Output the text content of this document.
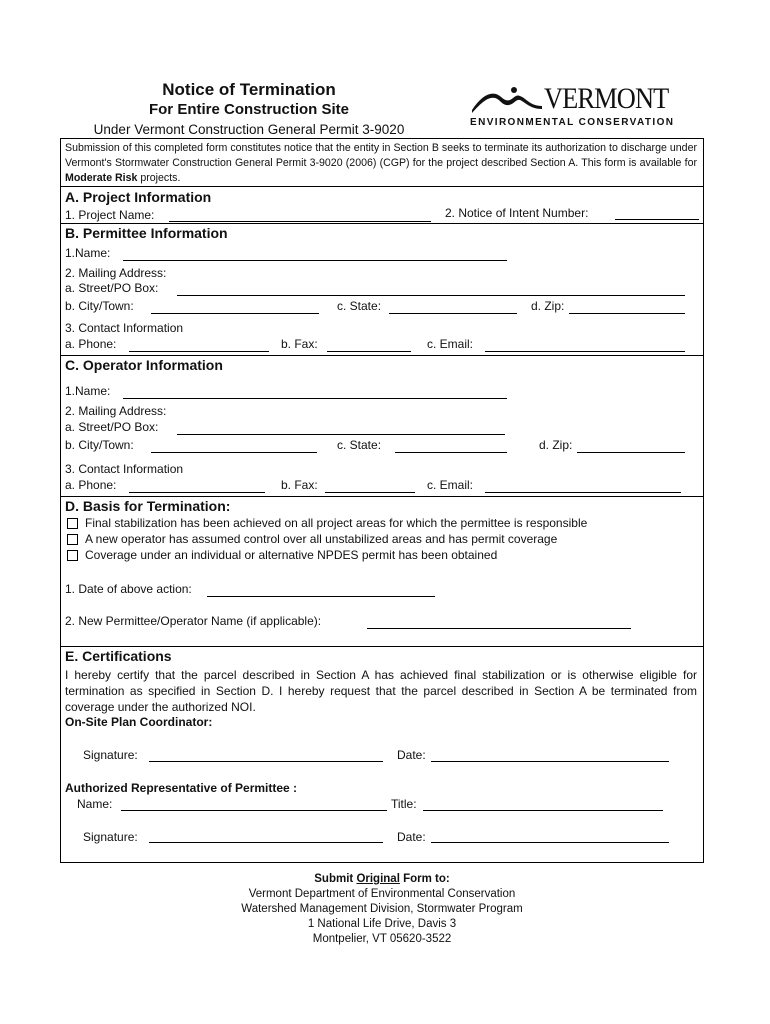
Notice of Termination
For Entire Construction Site
Under Vermont Construction General Permit 3-9020
VERMONT
ENVIRONMENTAL CONSERVATION
Submission of this completed form constitutes notice that the entity in Section B seeks to terminate its authorization to discharge under Vermont's Stormwater Construction General Permit 3-9020 (2006) (CGP) for the project described Section A. This form is available for Moderate Risk projects.
A. Project Information
1. Project Name:	2. Notice of Intent Number:
B. Permittee Information
1.Name:
2. Mailing Address:
a. Street/PO Box:
b. City/Town:	c. State:	d. Zip:
3. Contact Information
a. Phone:	b. Fax:	c. Email:
C. Operator Information
1.Name:
2. Mailing Address:
a. Street/PO Box:
b. City/Town:	c. State:	d. Zip:
3. Contact Information
a. Phone:	b. Fax:	c. Email:
D. Basis for Termination:
Final stabilization has been achieved on all project areas for which the permittee is responsible
A new operator has assumed control over all unstabilized areas and has permit coverage
Coverage under an individual or alternative NPDES permit has been obtained
1. Date of above action:
2. New Permittee/Operator Name (if applicable):
E. Certifications
I hereby certify that the parcel described in Section A has achieved final stabilization or is otherwise eligible for termination as specified in Section D. I hereby request that the parcel described in Section A be terminated from coverage under the authorized NOI.
On-Site Plan Coordinator:
Signature:	Date:
Authorized Representative of Permittee :
Name:	Title:
Signature:	Date:
Submit Original Form to:
Vermont Department of Environmental Conservation
Watershed Management Division, Stormwater Program
1 National Life Drive, Davis 3
Montpelier, VT 05620-3522
